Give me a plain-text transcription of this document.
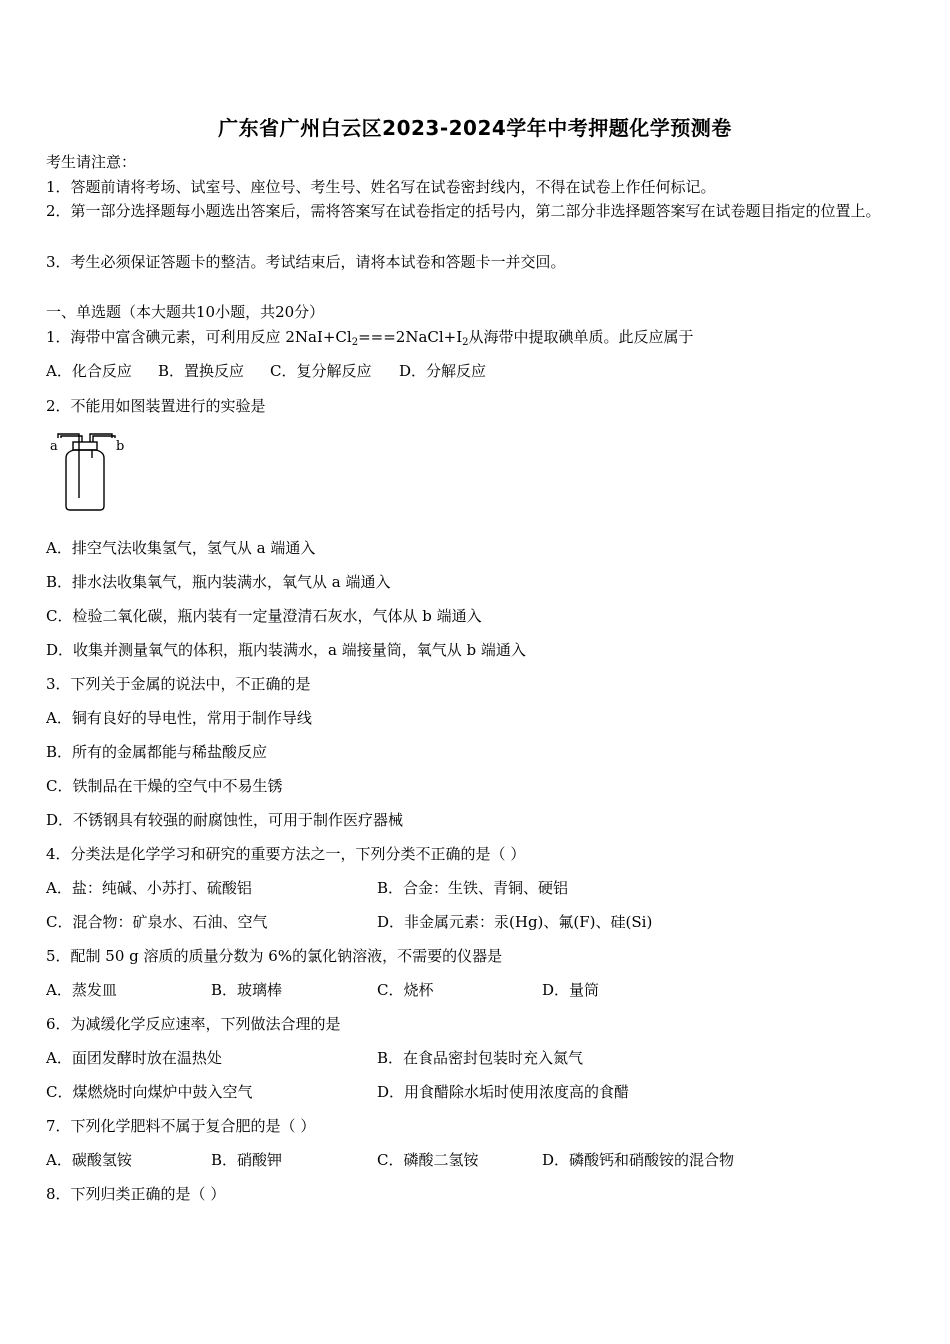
广东省广州白云区2023-2024学年中考押题化学预测卷
考生请注意：
1．答题前请将考场、试室号、座位号、考生号、姓名写在试卷密封线内，不得在试卷上作任何标记。
2．第一部分选择题每小题选出答案后，需将答案写在试卷指定的括号内，第二部分非选择题答案写在试卷题目指定的位置上。
3．考生必须保证答题卡的整洁。考试结束后，请将本试卷和答题卡一并交回。
一、单选题（本大题共10小题，共20分）
1．海带中富含碘元素，可利用反应 $2NaI+Cl_2===2NaCl+I_2$从海带中提取碘单质。此反应属于
A．化合反应 B．置换反应 C．复分解反应 D．分解反应
2．不能用如图装置进行的实验是
a	b
A．排空气法收集氢气，氢气从 a 端通入
B．排水法收集氧气，瓶内装满水，氧气从 a 端通入
C．检验二氧化碳，瓶内装有一定量澄清石灰水，气体从 b 端通入
D．收集并测量氧气的体积，瓶内装满水，a 端接量筒，氧气从 b 端通入
3．下列关于金属的说法中，不正确的是
A．铜有良好的导电性，常用于制作导线
B．所有的金属都能与稀盐酸反应
C．铁制品在干燥的空气中不易生锈
D．不锈钢具有较强的耐腐蚀性，可用于制作医疗器械
4．分类法是化学学习和研究的重要方法之一，下列分类不正确的是（ ）
A．盐：纯碱、小苏打、硫酸铝	B．合金：生铁、青铜、硬铝
C．混合物：矿泉水、石油、空气	D．非金属元素：汞(Hg)、氟(F)、硅(Si)
5．配制 50 g 溶质的质量分数为 6%的氯化钠溶液，不需要的仪器是
A．蒸发皿	B．玻璃棒	C．烧杯	D．量筒
6．为减缓化学反应速率，下列做法合理的是
A．面团发酵时放在温热处	B．在食品密封包装时充入氮气
C．煤燃烧时向煤炉中鼓入空气	D．用食醋除水垢时使用浓度高的食醋
7．下列化学肥料不属于复合肥的是（ ）
A．碳酸氢铵	B．硝酸钾	C．磷酸二氢铵	D．磷酸钙和硝酸铵的混合物
8．下列归类正确的是（ ）
